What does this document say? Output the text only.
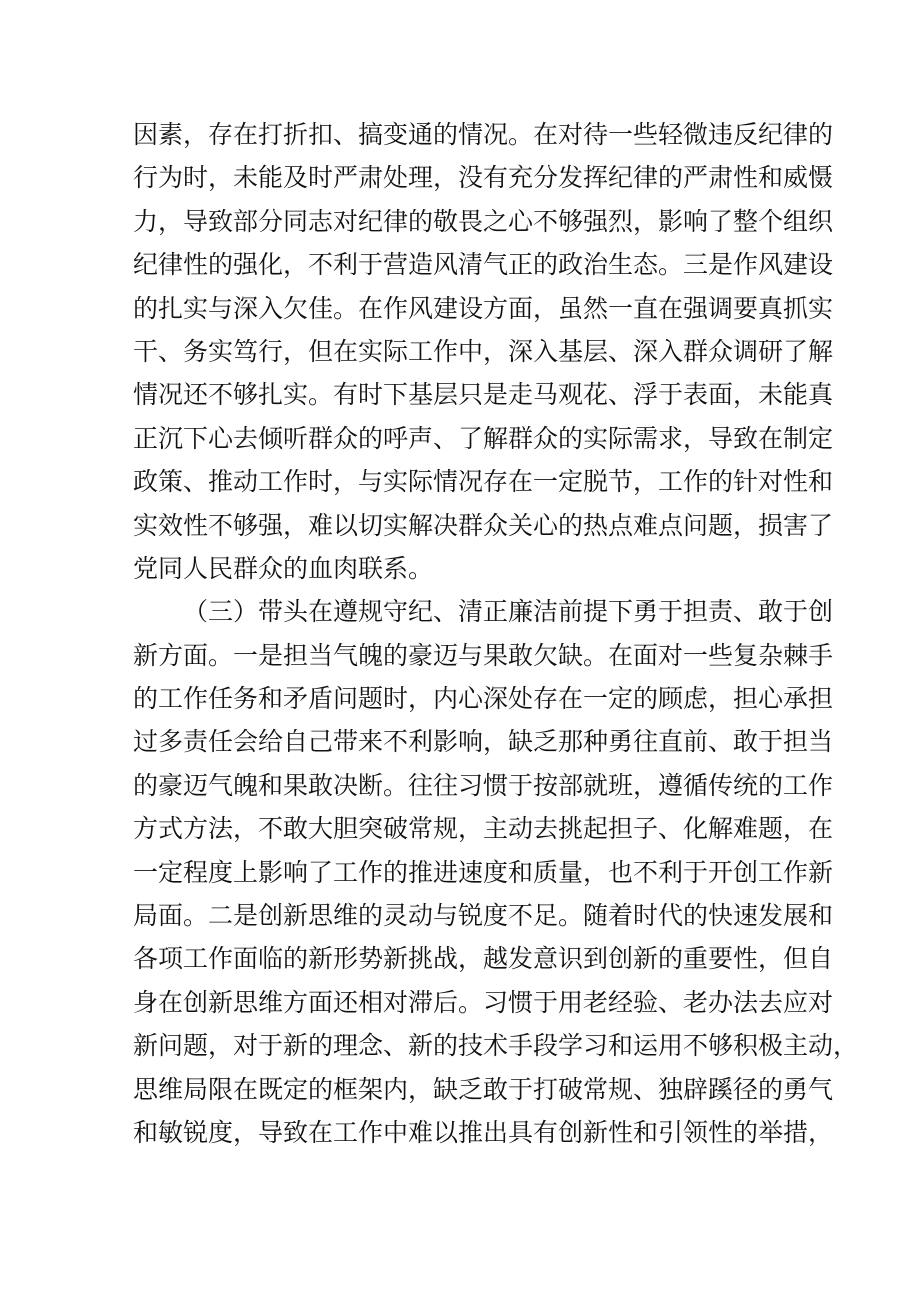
因素，存在打折扣、搞变通的情况。在对待一些轻微违反纪律的
行为时，未能及时严肃处理，没有充分发挥纪律的严肃性和威慑
力，导致部分同志对纪律的敬畏之心不够强烈，影响了整个组织
纪律性的强化，不利于营造风清气正的政治生态。三是作风建设
的扎实与深入欠佳。在作风建设方面，虽然一直在强调要真抓实
干、务实笃行，但在实际工作中，深入基层、深入群众调研了解
情况还不够扎实。有时下基层只是走马观花、浮于表面，未能真
正沉下心去倾听群众的呼声、了解群众的实际需求，导致在制定
政策、推动工作时，与实际情况存在一定脱节，工作的针对性和
实效性不够强，难以切实解决群众关心的热点难点问题，损害了
党同人民群众的血肉联系。
（三）带头在遵规守纪、清正廉洁前提下勇于担责、敢于创
新方面。一是担当气魄的豪迈与果敢欠缺。在面对一些复杂棘手
的工作任务和矛盾问题时，内心深处存在一定的顾虑，担心承担
过多责任会给自己带来不利影响，缺乏那种勇往直前、敢于担当
的豪迈气魄和果敢决断。往往习惯于按部就班，遵循传统的工作
方式方法，不敢大胆突破常规，主动去挑起担子、化解难题，在
一定程度上影响了工作的推进速度和质量，也不利于开创工作新
局面。二是创新思维的灵动与锐度不足。随着时代的快速发展和
各项工作面临的新形势新挑战，越发意识到创新的重要性，但自
身在创新思维方面还相对滞后。习惯于用老经验、老办法去应对
新问题，对于新的理念、新的技术手段学习和运用不够积极主动，
思维局限在既定的框架内，缺乏敢于打破常规、独辟蹊径的勇气
和敏锐度，导致在工作中难以推出具有创新性和引领性的举措，
